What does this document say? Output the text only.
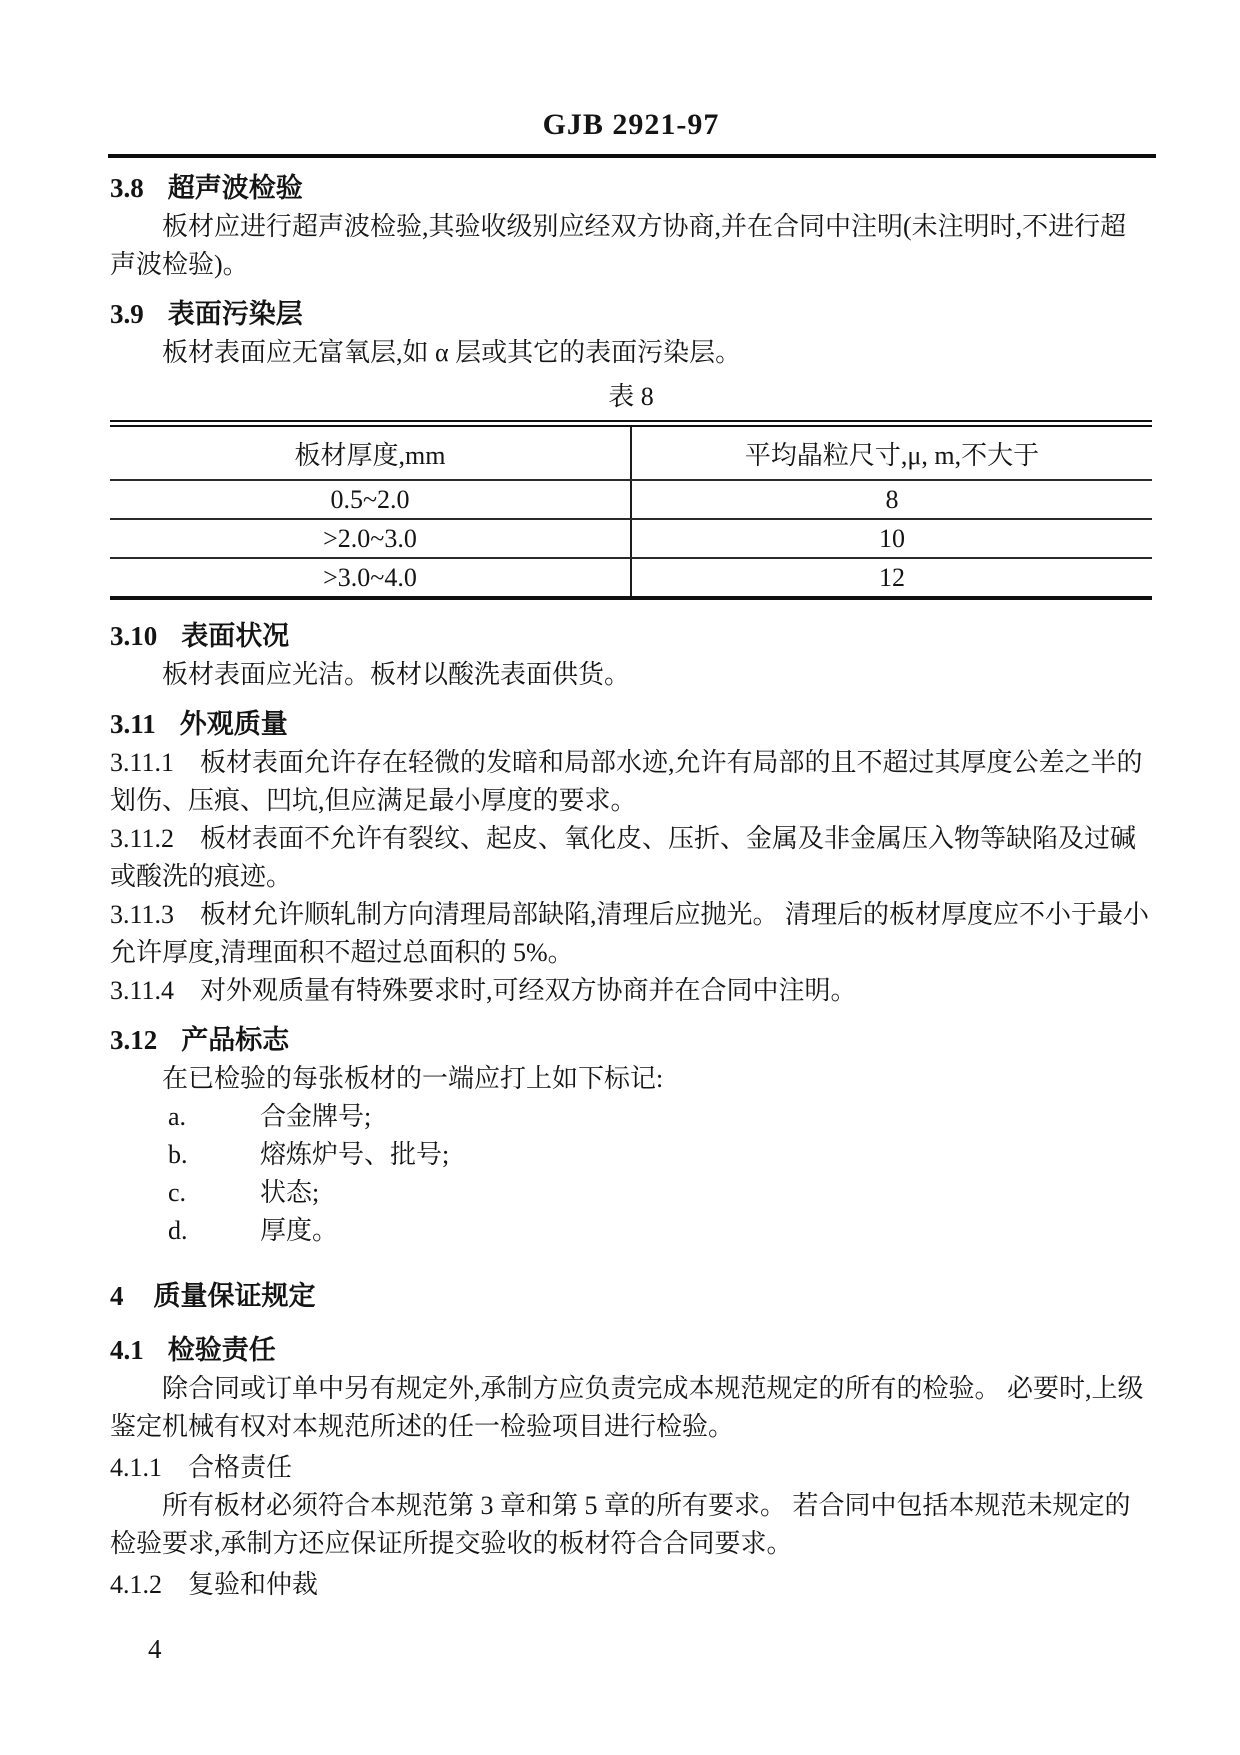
GJB 2921-97
3.8 超声波检验

板材应进行超声波检验,其验收级别应经双方协商,并在合同中注明(未注明时,不进行超声波检验)。

3.9 表面污染层

板材表面应无富氧层,如 α 层或其它的表面污染层。

表 8
板材厚度,mm	平均晶粒尺寸,μ, m,不大于
0.5~2.0	8
>2.0~3.0	10
>3.0~4.0	12
3.10 表面状况

板材表面应光洁。板材以酸洗表面供货。

3.11 外观质量

3.11.1 板材表面允许存在轻微的发暗和局部水迹,允许有局部的且不超过其厚度公差之半的划伤、压痕、凹坑,但应满足最小厚度的要求。

3.11.2 板材表面不允许有裂纹、起皮、氧化皮、压折、金属及非金属压入物等缺陷及过碱或酸洗的痕迹。

3.11.3 板材允许顺轧制方向清理局部缺陷,清理后应抛光。 清理后的板材厚度应不小于最小允许厚度,清理面积不超过总面积的 5%。

3.11.4 对外观质量有特殊要求时,可经双方协商并在合同中注明。

3.12 产品标志

在已检验的每张板材的一端应打上如下标记:

a.	合金牌号;
b.	熔炼炉号、批号;
c.	状态;
d.	厚度。
4 质量保证规定
4.1 检验责任

除合同或订单中另有规定外,承制方应负责完成本规范规定的所有的检验。 必要时,上级鉴定机械有权对本规范所述的任一检验项目进行检验。

4.1.1 合格责任

所有板材必须符合本规范第 3 章和第 5 章的所有要求。 若合同中包括本规范未规定的检验要求,承制方还应保证所提交验收的板材符合合同要求。

4.1.2 复验和仲裁
4
